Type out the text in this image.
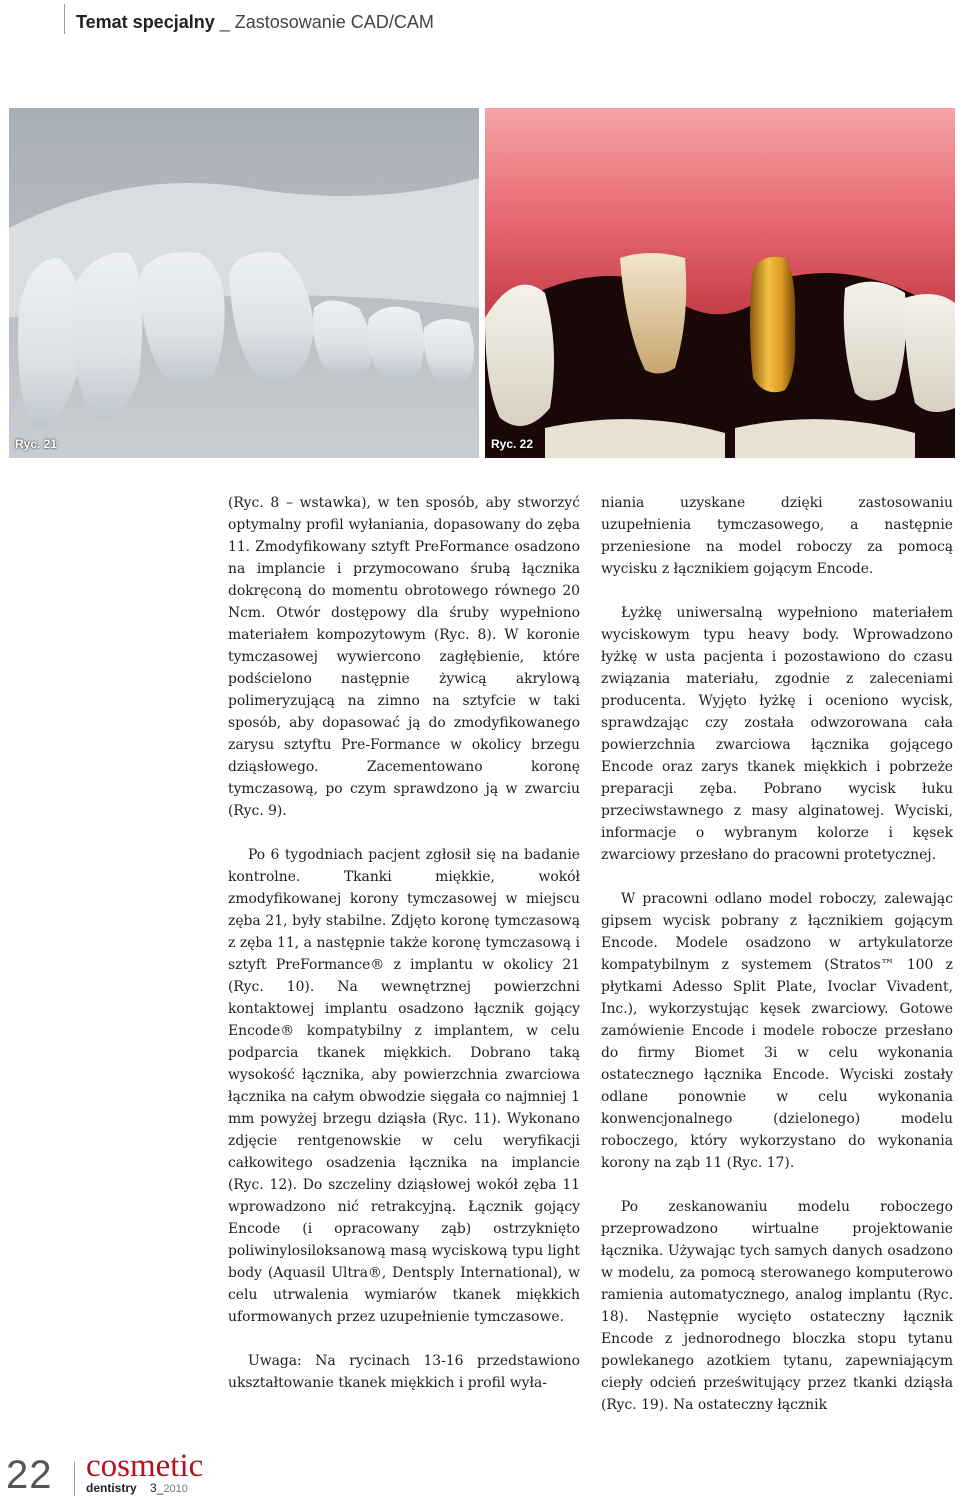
Temat specjalny _ Zastosowanie CAD/CAM
Ryc. 21	Ryc. 22

(Ryc. 8 – wstawka), w ten sposób, aby stworzyć optymalny profil wyłaniania, dopasowany do zęba 11. Zmodyfikowany sztyft PreFormance osadzono na implancie i przymocowano śrubą łącznika dokręconą do momentu obrotowego równego 20 Ncm. Otwór dostępowy dla śruby wypełniono materiałem kompozytowym (Ryc. 8). W koronie tymczasowej wywiercono zagłębienie, które podścielono następnie żywicą akrylową polimeryzującą na zimno na sztyfcie w taki sposób, aby dopasować ją do zmodyfikowanego zarysu sztyftu Pre-Formance w okolicy brzegu dziąsłowego. Zacementowano koronę tymczasową, po czym sprawdzono ją w zwarciu (Ryc. 9).

Po 6 tygodniach pacjent zgłosił się na badanie kontrolne. Tkanki miękkie, wokół zmodyfikowanej korony tymczasowej w miejscu zęba 21, były stabilne. Zdjęto koronę tymczasową z zęba 11, a następnie także koronę tymczasową i sztyft PreFormance® z implantu w okolicy 21 (Ryc. 10). Na wewnętrznej powierzchni kontaktowej implantu osadzono łącznik gojący Encode® kompatybilny z implantem, w celu podparcia tkanek miękkich. Dobrano taką wysokość łącznika, aby powierzchnia zwarciowa łącznika na całym obwodzie sięgała co najmniej 1 mm powyżej brzegu dziąsła (Ryc. 11). Wykonano zdjęcie rentgenowskie w celu weryfikacji całkowitego osadzenia łącznika na implancie (Ryc. 12). Do szczeliny dziąsłowej wokół zęba 11 wprowadzono nić retrakcyjną. Łącznik gojący Encode (i opracowany ząb) ostrzyknięto poliwinylosiloksanową masą wyciskową typu light body (Aquasil Ultra®, Dentsply International), w celu utrwalenia wymiarów tkanek miękkich uformowanych przez uzupełnienie tymczasowe.

Uwaga: Na rycinach 13-16 przedstawiono ukształtowanie tkanek miękkich i profil wyła-

niania uzyskane dzięki zastosowaniu uzupełnienia tymczasowego, a następnie przeniesione na model roboczy za pomocą wycisku z łącznikiem gojącym Encode.

Łyżkę uniwersalną wypełniono materiałem wyciskowym typu heavy body. Wprowadzono łyżkę w usta pacjenta i pozostawiono do czasu związania materiału, zgodnie z zaleceniami producenta. Wyjęto łyżkę i oceniono wycisk, sprawdzając czy została odwzorowana cała powierzchnia zwarciowa łącznika gojącego Encode oraz zarys tkanek miękkich i pobrzeże preparacji zęba. Pobrano wycisk łuku przeciwstawnego z masy alginatowej. Wyciski, informacje o wybranym kolorze i kęsek zwarciowy przesłano do pracowni protetycznej.

W pracowni odlano model roboczy, zalewając gipsem wycisk pobrany z łącznikiem gojącym Encode. Modele osadzono w artykulatorze kompatybilnym z systemem (Stratos™ 100 z płytkami Adesso Split Plate, Ivoclar Vivadent, Inc.), wykorzystując kęsek zwarciowy. Gotowe zamówienie Encode i modele robocze przesłano do firmy Biomet 3i w celu wykonania ostatecznego łącznika Encode. Wyciski zostały odlane ponownie w celu wykonania konwencjonalnego (dzielonego) modelu roboczego, który wykorzystano do wykonania korony na ząb 11 (Ryc. 17).

Po zeskanowaniu modelu roboczego przeprowadzono wirtualne projektowanie łącznika. Używając tych samych danych osadzono w modelu, za pomocą sterowanego komputerowo ramienia automatycznego, analog implantu (Ryc. 18). Następnie wycięto ostateczny łącznik Encode z jednorodnego bloczka stopu tytanu powlekanego azotkiem tytanu, zapewniającym ciepły odcień prześwitujący przez tkanki dziąsła (Ryc. 19). Na ostateczny łącznik

22 cosmetic
dentistry 3_2010
